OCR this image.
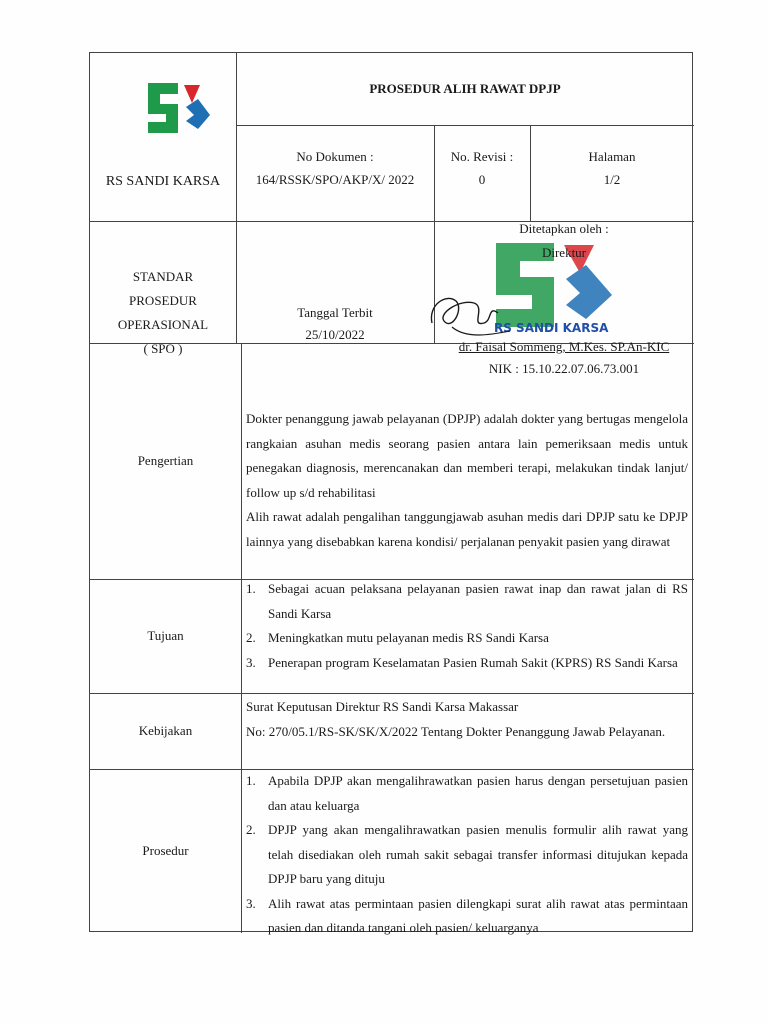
RS SANDI KARSA
PROSEDUR ALIH RAWAT DPJP
No Dokumen :
164/RSSK/SPO/AKP/X/ 2022
No. Revisi :
0
Halaman
1/2
STANDAR
PROSEDUR
OPERASIONAL
( SPO )
Tanggal Terbit
25/10/2022
Ditetapkan oleh :
Direktur
RS SANDI KARSA
dr. Faisal Sommeng, M.Kes. SP.An-KIC
NIK : 15.10.22.07.06.73.001
Pengertian
Dokter penanggung jawab pelayanan (DPJP) adalah dokter yang bertugas mengelola rangkaian asuhan medis seorang pasien antara lain pemeriksaan medis untuk penegakan diagnosis, merencanakan dan memberi terapi, melakukan tindak lanjut/ follow up s/d rehabilitasi
Alih rawat adalah pengalihan tanggungjawab asuhan medis dari DPJP satu ke DPJP lainnya yang disebabkan karena kondisi/ perjalanan penyakit pasien yang dirawat
Tujuan
1. Sebagai acuan pelaksana pelayanan pasien rawat inap dan rawat jalan di RS Sandi Karsa
2. Meningkatkan mutu pelayanan medis RS Sandi Karsa
3. Penerapan program Keselamatan Pasien Rumah Sakit (KPRS) RS Sandi Karsa
Kebijakan
Surat Keputusan Direktur RS Sandi Karsa Makassar
No: 270/05.1/RS-SK/SK/X/2022 Tentang Dokter Penanggung Jawab Pelayanan.
Prosedur
1. Apabila DPJP akan mengalihrawatkan pasien harus dengan persetujuan pasien dan atau keluarga
2. DPJP yang akan mengalihrawatkan pasien menulis formulir alih rawat yang telah disediakan oleh rumah sakit sebagai transfer informasi ditujukan kepada DPJP baru yang dituju
3. Alih rawat atas permintaan pasien dilengkapi surat alih rawat atas permintaan pasien dan ditanda tangani oleh pasien/ keluarganya
